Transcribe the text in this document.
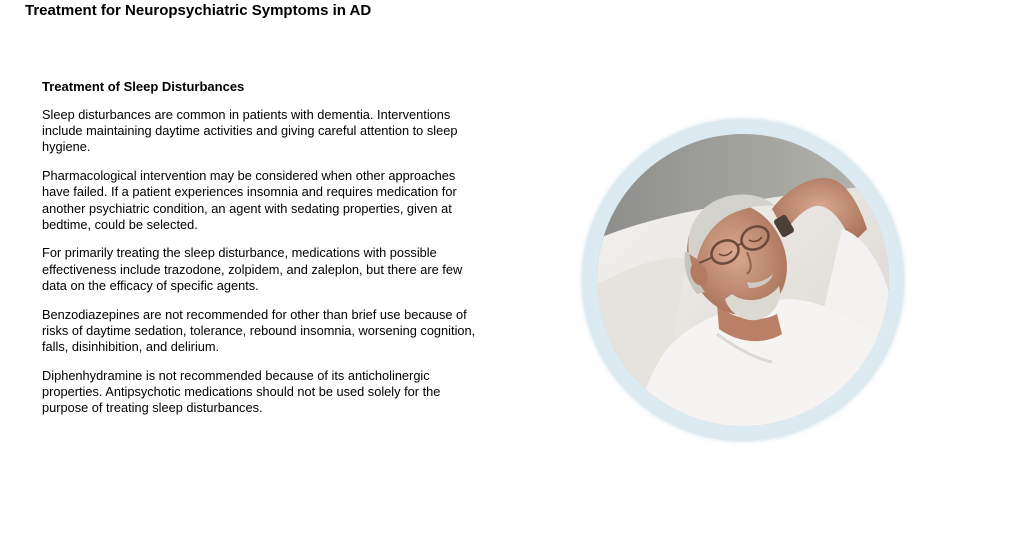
Treatment for Neuropsychiatric Symptoms in AD
Treatment of Sleep Disturbances

Sleep disturbances are common in patients with dementia. Interventions include maintaining daytime activities and giving careful attention to sleep hygiene.

Pharmacological intervention may be considered when other approaches have failed. If a patient experiences insomnia and requires medication for another psychiatric condition, an agent with sedating properties, given at bedtime, could be selected.

For primarily treating the sleep disturbance, medications with possible effectiveness include trazodone, zolpidem, and zaleplon, but there are few data on the efficacy of specific agents.

Benzodiazepines are not recommended for other than brief use because of risks of daytime sedation, tolerance, rebound insomnia, worsening cognition, falls, disinhibition, and delirium.

Diphenhydramine is not recommended because of its anticholinergic properties. Antipsychotic medications should not be used solely for the purpose of treating sleep disturbances.
